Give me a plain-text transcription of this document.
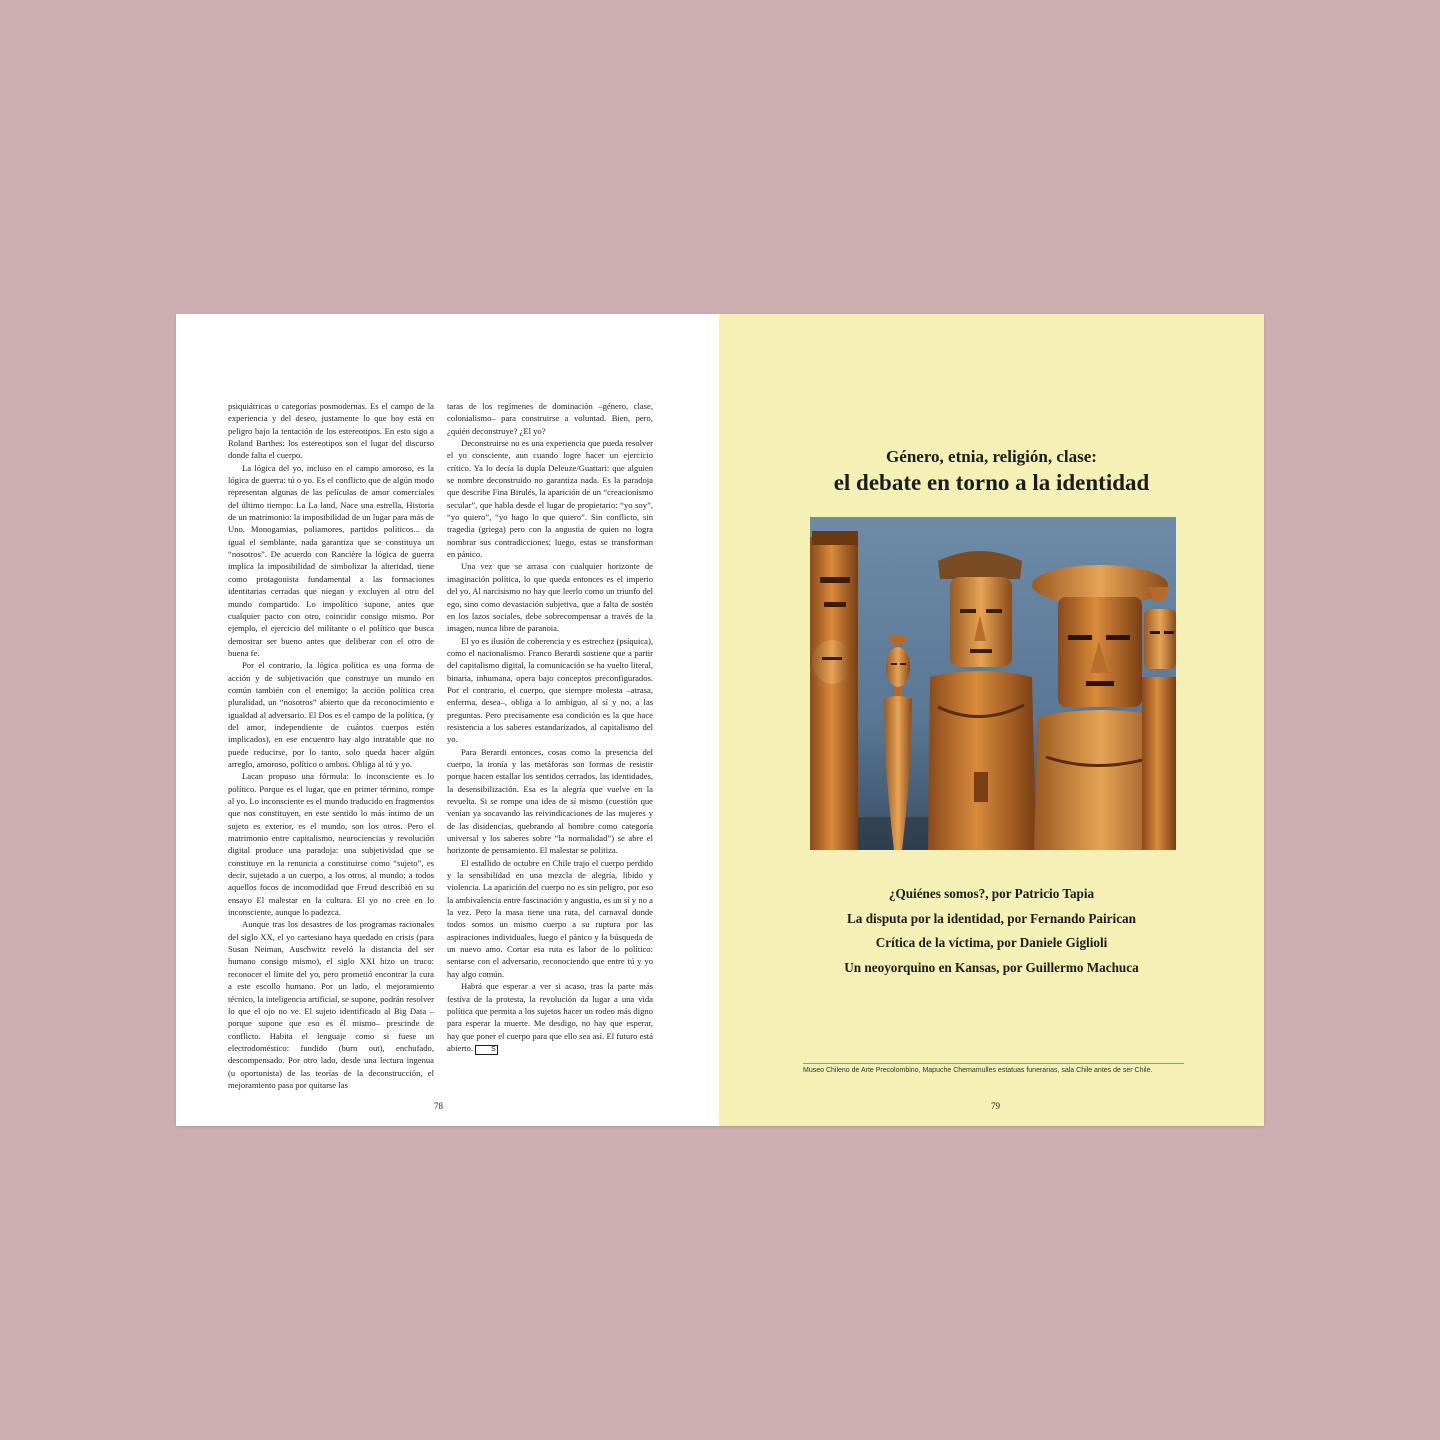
psiquiátricas o categorías posmodernas. Es el campo de la experiencia y del deseo, justamente lo que hoy está en peligro bajo la tentación de los estereotipos. En esto sigo a Roland Barthes: los estereotipos son el lugar del discurso donde falta el cuerpo.

La lógica del yo, incluso en el campo amoroso, es la lógica de guerra: tú o yo. Es el conflicto que de algún modo representan algunas de las películas de amor comerciales del último tiempo: La La land, Nace una estrella, Historia de un matrimonio: la imposibilidad de un lugar para más de Uno. Monogamias, poliamores, partidos políticos... da igual el semblante, nada garantiza que se constituya un “nosotros”. De acuerdo con Rancière la lógica de guerra implica la imposibilidad de simbolizar la alteridad, tiene como protagonista fundamental a las formaciones identitarias cerradas que niegan y excluyen al otro del mundo compartido. Lo impolítico supone, antes que cualquier pacto con otro, coincidir consigo mismo. Por ejemplo, el ejercicio del militante o el político que busca demostrar ser bueno antes que deliberar con el otro de buena fe.

Por el contrario, la lógica política es una forma de acción y de subjetivación que construye un mundo en común también con el enemigo; la acción política crea pluralidad, un “nosotros” abierto que da reconocimiento e igualdad al adversario. El Dos es el campo de la política, (y del amor, independiente de cuántos cuerpos estén implicados), en ese encuentro hay algo intratable que no puede reducirse, por lo tanto, solo queda hacer algún arreglo, amoroso, político o ambos. Obliga al tú y yo.

Lacan propuso una fórmula: lo inconsciente es lo político. Porque es el lugar, que en primer término, rompe al yo. Lo inconsciente es el mundo traducido en fragmentos que nos constituyen, en este sentido lo más íntimo de un sujeto es exterior, es el mundo, son los otros. Pero el matrimonio entre capitalismo, neurociencias y revolución digital produce una paradoja: una subjetividad que se constituye en la renuncia a constituirse como “sujeto”, es decir, sujetado a un cuerpo, a los otros, al mundo; a todos aquellos focos de incomodidad que Freud describió en su ensayo El malestar en la cultura. El yo no cree en lo inconsciente, aunque lo padezca.

Aunque tras los desastres de los programas racionales del siglo XX, el yo cartesiano haya quedado en crisis (para Susan Neiman, Auschwitz reveló la distancia del ser humano consigo mismo), el siglo XXI hizo un truco: reconocer el límite del yo, pero prometió encontrar la cura a este escollo humano. Por un lado, el mejoramiento técnico, la inteligencia artificial, se supone, podrán resolver lo que el ojo no ve. El sujeto identificado al Big Data –porque supone que eso es él mismo– prescinde de conflicto. Habita el lenguaje como si fuese un electrodoméstico: fundido (burn out), enchufado, descompensado. Por otro lado, desde una lectura ingenua (u oportunista) de las teorías de la deconstrucción, el mejoramiento pasa por quitarse las

taras de los regímenes de dominación –género, clase, colonialismo– para construirse a voluntad. Bien, pero, ¿quién deconstruye? ¿El yo?

Deconstruirse no es una experiencia que pueda resolver el yo consciente, aun cuando logre hacer un ejercicio crítico. Ya lo decía la dupla Deleuze/Guattari: que alguien se nombre deconstruido no garantiza nada. Es la paradoja que describe Fina Birulés, la aparición de un “creacionismo secular”, que habla desde el lugar de propietario: “yo soy”, “yo quiero”, “yo hago lo que quiero”. Sin conflicto, sin tragedia (griega) pero con la angustia de quien no logra nombrar sus contradicciones; luego, estas se transforman en pánico.

Una vez que se arrasa con cualquier horizonte de imaginación política, lo que queda entonces es el imperio del yo. Al narcisismo no hay que leerlo como un triunfo del ego, sino como devastación subjetiva, que a falta de sostén en los lazos sociales, debe sobrecompensar a través de la imagen, nunca libre de paranoia.

El yo es ilusión de coherencia y es estrechez (psíquica), como el nacionalismo. Franco Berardi sostiene que a partir del capitalismo digital, la comunicación se ha vuelto literal, binaria, inhumana, opera bajo conceptos preconfigurados. Por el contrario, el cuerpo, que siempre molesta –atrasa, enferma, desea–, obliga a lo ambiguo, al sí y no, a las preguntas. Pero precisamente esa condición es la que hace resistencia a los saberes estandarizados, al capitalismo del yo.

Para Berardi entonces, cosas como la presencia del cuerpo, la ironía y las metáforas son formas de resistir porque hacen estallar los sentidos cerrados, las identidades, la desensibilización. Esa es la alegría que vuelve en la revuelta. Si se rompe una idea de sí mismo (cuestión que venían ya socavando las reivindicaciones de las mujeres y de las disidencias, quebrando al hombre como categoría universal y los saberes sobre “la normalidad”) se abre el horizonte de pensamiento. El malestar se politiza.

El estallido de octubre en Chile trajo el cuerpo perdido y la sensibilidad en una mezcla de alegría, libido y violencia. La aparición del cuerpo no es sin peligro, por eso la ambivalencia entre fascinación y angustia, es un sí y no a la vez. Pero la masa tiene una ruta, del carnaval donde todos somos un mismo cuerpo a su ruptura por las aspiraciones individuales, luego el pánico y la búsqueda de un nuevo amo. Cortar esa ruta es labor de lo político: sentarse con el adversario, reconociendo que entre tú y yo hay algo común.

Habrá que esperar a ver si acaso, tras la parte más festiva de la protesta, la revolución da lugar a una vida política que permita a los sujetos hacer un rodeo más digno para esperar la muerte. Me desdigo, no hay que esperar, hay que poner el cuerpo para que ello sea así. El futuro está abierto.	S

78
Género, etnia, religión, clase:
el debate en torno a la identidad
¿Quiénes somos?, por Patricio Tapia
La disputa por la identidad, por Fernando Pairican
Crítica de la víctima, por Daniele Giglioli
Un neoyorquino en Kansas, por Guillermo Machuca
Museo Chileno de Arte Precolombino, Mapuche Chemamulles estatuas funerarias, sala Chile antes de ser Chile.
79
